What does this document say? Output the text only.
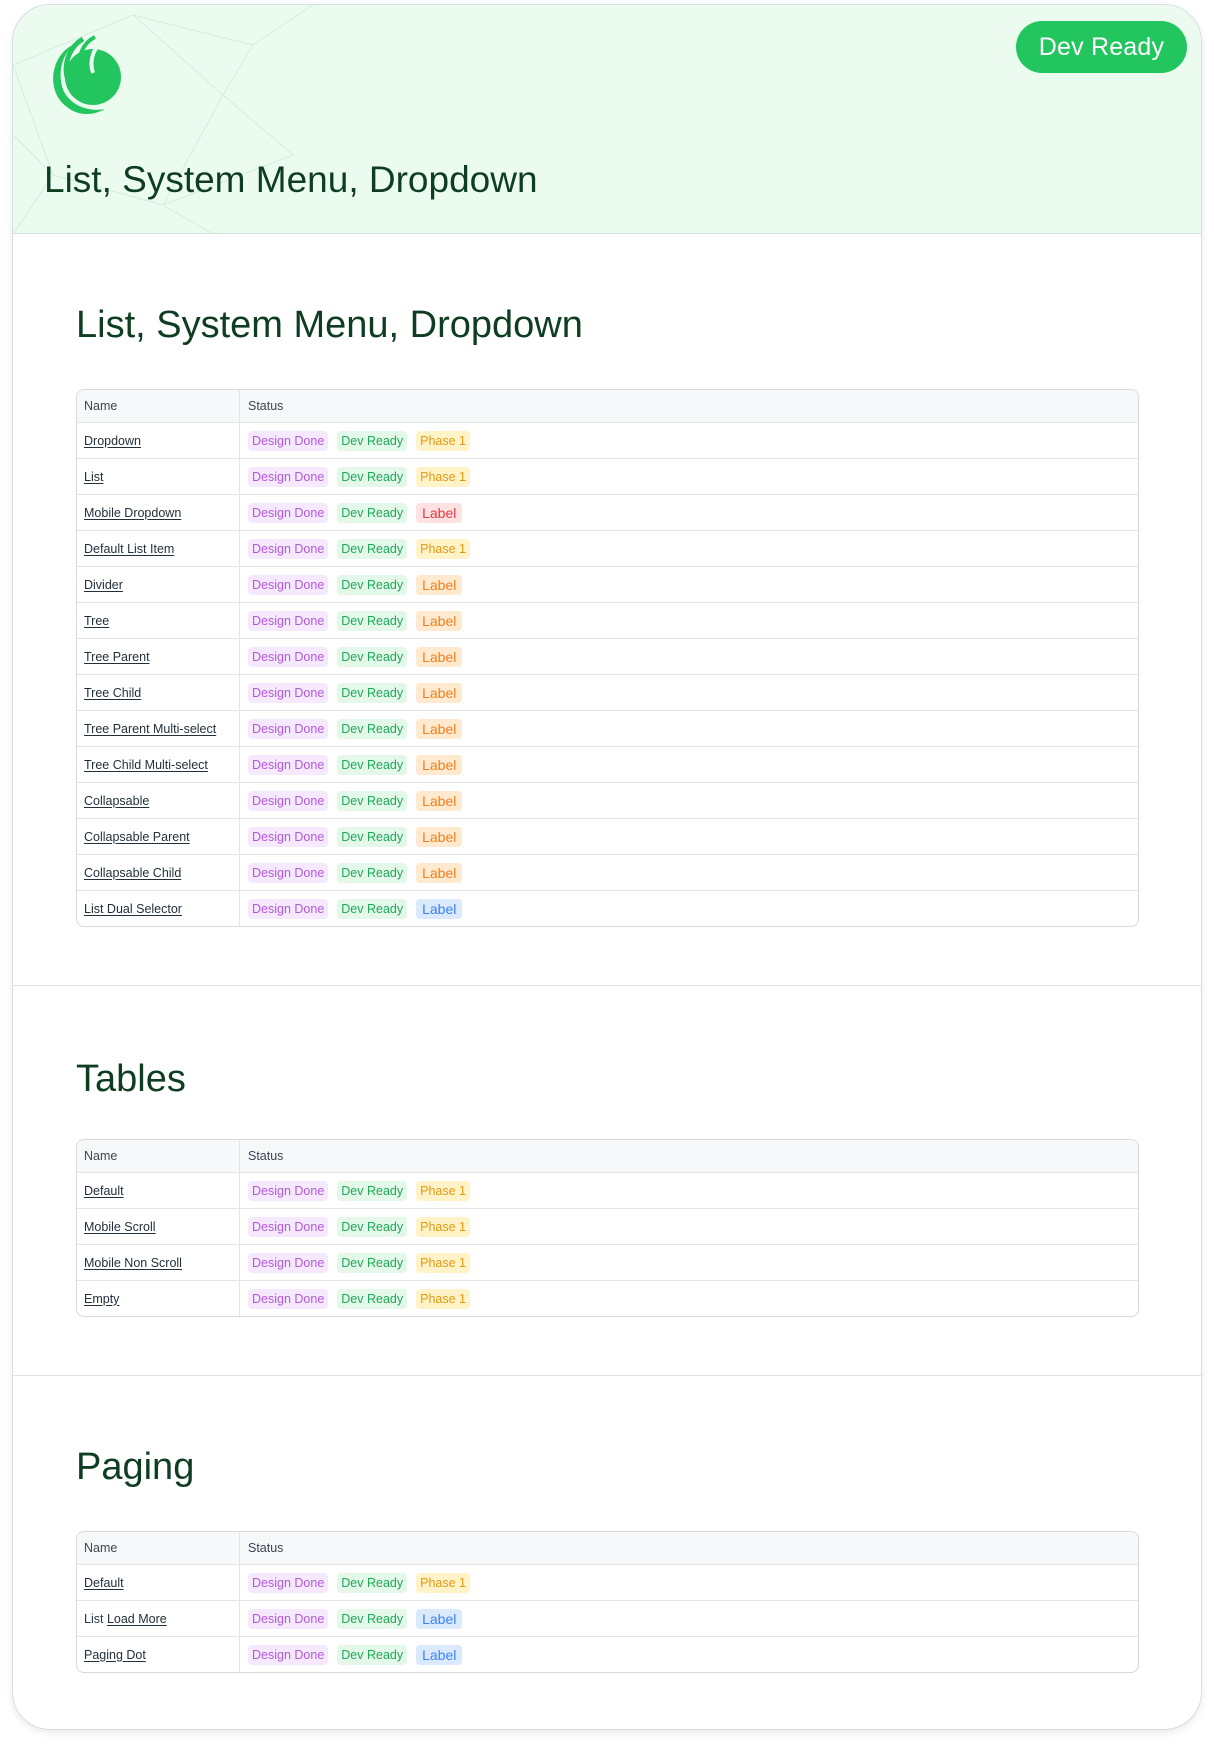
Dev Ready
List, System Menu, Dropdown
List, System Menu, Dropdown
Name	Status
Dropdown	Design Done	Dev Ready	Phase 1
List	Design Done	Dev Ready	Phase 1
Mobile Dropdown	Design Done	Dev Ready	Label
Default List Item	Design Done	Dev Ready	Phase 1
Divider	Design Done	Dev Ready	Label
Tree	Design Done	Dev Ready	Label
Tree Parent	Design Done	Dev Ready	Label
Tree Child	Design Done	Dev Ready	Label
Tree Parent Multi-select	Design Done	Dev Ready	Label
Tree Child Multi-select	Design Done	Dev Ready	Label
Collapsable	Design Done	Dev Ready	Label
Collapsable Parent	Design Done	Dev Ready	Label
Collapsable Child	Design Done	Dev Ready	Label
List Dual Selector	Design Done	Dev Ready	Label
Tables
Name	Status
Default	Design Done	Dev Ready	Phase 1
Mobile Scroll	Design Done	Dev Ready	Phase 1
Mobile Non Scroll	Design Done	Dev Ready	Phase 1
Empty	Design Done	Dev Ready	Phase 1
Paging
Name	Status
Default	Design Done	Dev Ready	Phase 1
List Load More	Design Done	Dev Ready	Label
Paging Dot	Design Done	Dev Ready	Label
